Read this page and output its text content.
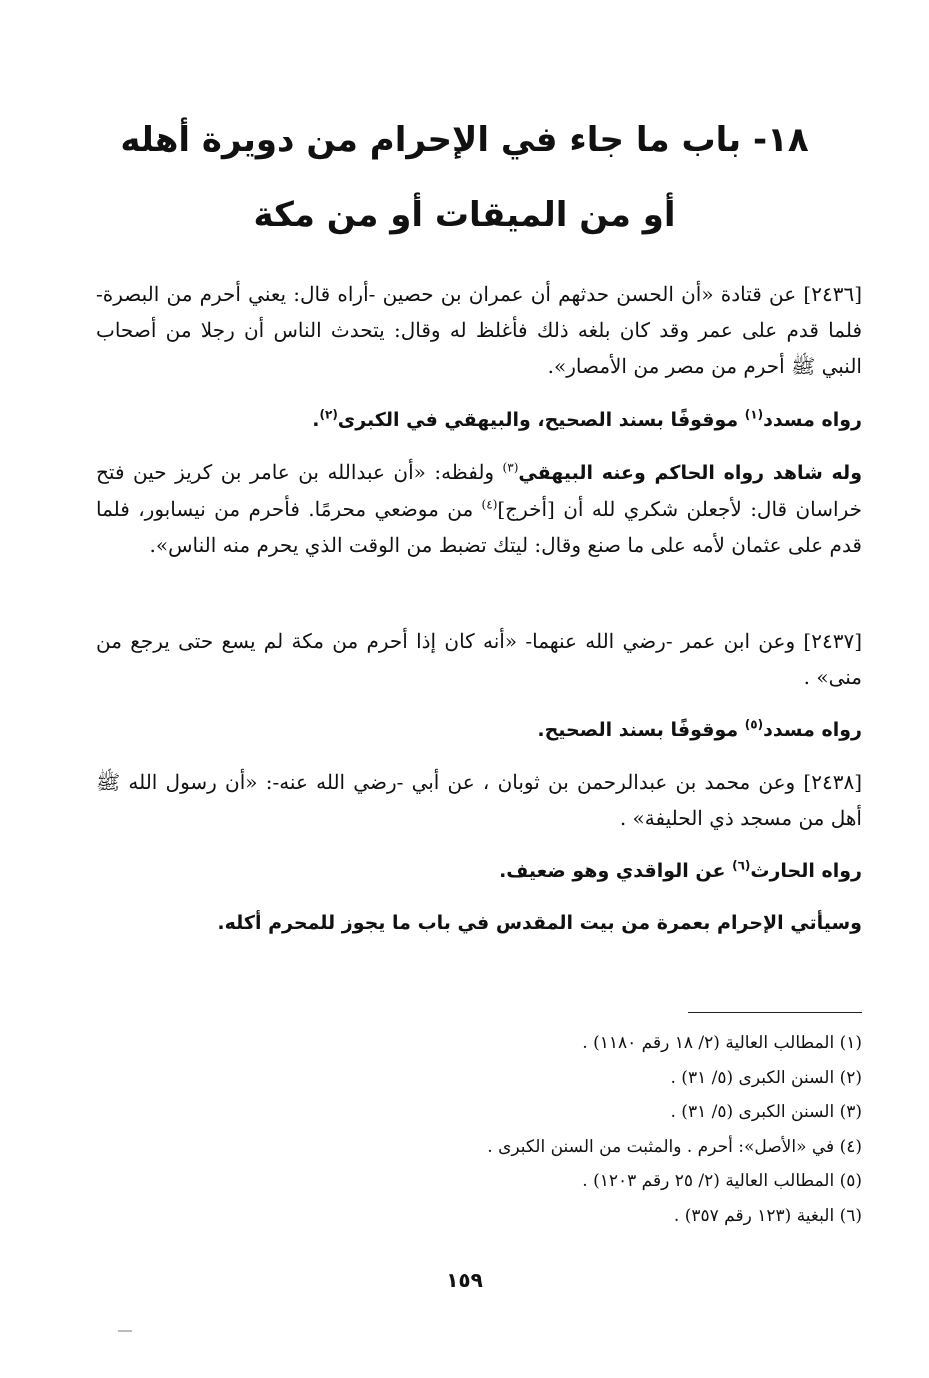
١٨- باب ما جاء في الإحرام من دويرة أهله
أو من الميقات أو من مكة
[٢٤٣٦] عن قتادة «أن الحسن حدثهم أن عمران بن حصين -أراه قال: يعني أحرم من البصرة- فلما قدم على عمر وقد كان بلغه ذلك فأغلظ له وقال: يتحدث الناس أن رجلا من أصحاب النبي ﷺ أحرم من مصر من الأمصار».
رواه مسدد$^{(١)}$ موقوفًا بسند الصحيح، والبيهقي في الكبرى$^{(٢)}$.
وله شاهد رواه الحاكم وعنه البيهقي$^{(٣)}$ ولفظه: «أن عبدالله بن عامر بن كريز حين فتح خراسان قال: لأجعلن شكري لله أن [أخرج]$^{(٤)}$ من موضعي محرمًا. فأحرم من نيسابور، فلما قدم على عثمان لأمه على ما صنع وقال: ليتك تضبط من الوقت الذي يحرم منه الناس».
[٢٤٣٧] وعن ابن عمر -رضي الله عنهما- «أنه كان إذا أحرم من مكة لم يسع حتى يرجع من منى» .
رواه مسدد$^{(٥)}$ موقوفًا بسند الصحيح.
[٢٤٣٨] وعن محمد بن عبدالرحمن بن ثوبان ، عن أبي -رضي الله عنه-: «أن رسول الله ﷺ أهل من مسجد ذي الحليفة» .
رواه الحارث$^{(٦)}$ عن الواقدي وهو ضعيف.
وسيأتي الإحرام بعمرة من بيت المقدس في باب ما يجوز للمحرم أكله.
(١) المطالب العالية (٢/ ١٨ رقم ١١٨٠) .
(٢) السنن الكبرى (٥/ ٣١) .
(٣) السنن الكبرى (٥/ ٣١) .
(٤) في «الأصل»: أحرم . والمثبت من السنن الكبرى .
(٥) المطالب العالية (٢/ ٢٥ رقم ١٢٠٣) .
(٦) البغية (١٢٣ رقم ٣٥٧) .
١٥٩
